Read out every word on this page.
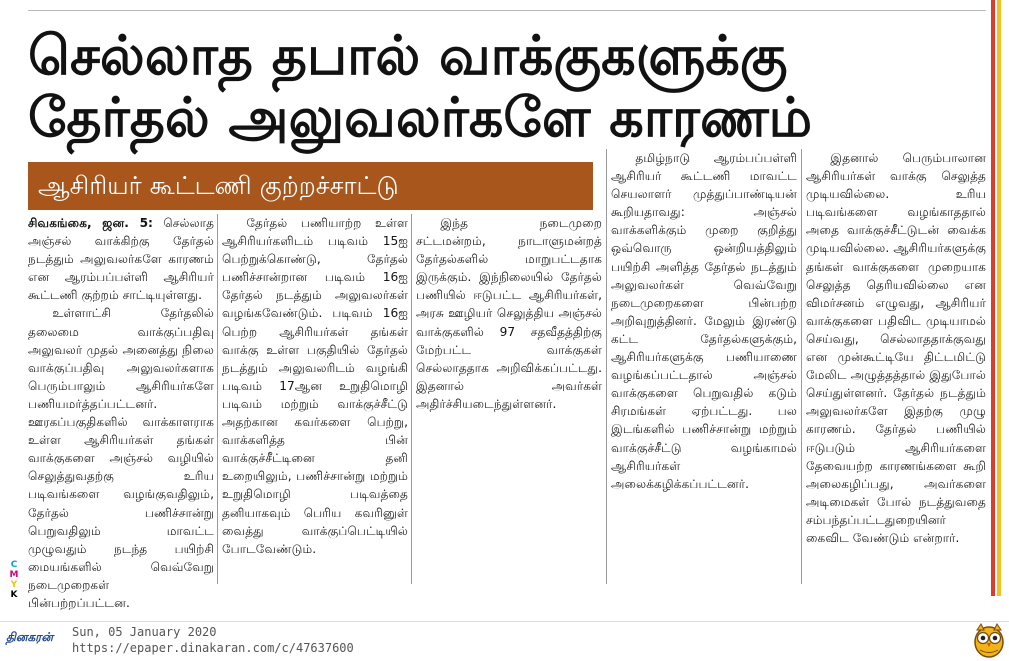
செல்லாத தபால் வாக்குகளுக்கு
தேர்தல் அலுவலர்களே காரணம்
ஆசிரியர் கூட்டணி குற்றச்சாட்டு

சிவகங்கை, ஜன. 5: செல்லாத அஞ்சல் வாக்கிற்கு தேர்தல் நடத்தும் அலுவலர்களே காரணம் என ஆரம்பப்பள்ளி ஆசிரியர் கூட்டணி குற்றம் சாட்டியுள்ளது.

உள்ளாட்சி தேர்தலில் தலைமை வாக்குப்பதிவு அலுவலர் முதல் அனைத்து நிலை வாக்குப்பதிவு அலுவலர்களாக பெரும்பாலும் ஆசிரியர்களே பணியமர்த்தப்பட்டனர். ஊரகப்பகுதிகளில் வாக்காளராக உள்ள ஆசிரியர்கள் தங்கள் வாக்குகளை அஞ்சல் வழியில் செலுத்துவதற்கு உரிய படிவங்களை வழங்குவதிலும், தேர்தல் பணிச்சான்று பெறுவதிலும் மாவட்ட முழுவதும் நடந்த பயிற்சி மையங்களில் வெவ்வேறு நடைமுறைகள் பின்பற்றப்பட்டன.

தேர்தல் பணியாற்ற உள்ள ஆசிரியர்களிடம் படிவம் 15ஐ பெற்றுக்கொண்டு, தேர்தல் பணிச்சான்றான படிவம் 16ஐ தேர்தல் நடத்தும் அலுவலர்கள் வழங்கவேண்டும். படிவம் 16ஐ பெற்ற ஆசிரியர்கள் தங்கள் வாக்கு உள்ள பகுதியில் தேர்தல் நடத்தும் அலுவலரிடம் வழங்கி படிவம் 17ஆன உறுதிமொழி படிவம் மற்றும் வாக்குச்சீட்டு அதற்கான கவர்களை பெற்று, வாக்களித்த பின் வாக்குச்சீட்டினை தனி உறையிலும், பணிச்சான்று மற்றும் உறுதிமொழி படிவத்தை தனியாகவும் பெரிய கவரினுள் வைத்து வாக்குப்பெட்டியில் போடவேண்டும்.

இந்த நடைமுறை சட்டமன்றம், நாடாளுமன்றத் தேர்தல்களில் மாறுபட்டதாக இருக்கும். இந்நிலையில் தேர்தல் பணியில் ஈடுபட்ட ஆசிரியர்கள், அரசு ஊழியர் செலுத்திய அஞ்சல் வாக்குகளில் 97 சதவீதத்திற்கு மேற்பட்ட வாக்குகள் செல்லாததாக அறிவிக்கப்பட்டது. இதனால் அவர்கள் அதிர்ச்சியடைந்துள்ளனர்.

தமிழ்நாடு ஆரம்பப்பள்ளி ஆசிரியர் கூட்டணி மாவட்ட செயலாளர் முத்துப்பாண்டியன் கூறியதாவது: அஞ்சல் வாக்களிக்கும் முறை குறித்து ஒவ்வொரு ஒன்றியத்திலும் பயிற்சி அளித்த தேர்தல் நடத்தும் அலுவலர்கள் வெவ்வேறு நடைமுறைகளை பின்பற்ற அறிவுறுத்தினர். மேலும் இரண்டு கட்ட தேர்தல்களுக்கும், ஆசிரியர்களுக்கு பணியாணை வழங்கப்பட்டதால் அஞ்சல் வாக்குகளை பெறுவதில் கடும் சிரமங்கள் ஏற்பட்டது. பல இடங்களில் பணிச்சான்று மற்றும் வாக்குச்சீட்டு வழங்காமல் ஆசிரியர்கள் அலைக்கழிக்கப்பட்டனர்.

இதனால் பெரும்பாலான ஆசிரியர்கள் வாக்கு செலுத்த முடியவில்லை. உரிய படிவங்களை வழங்காததால் அதை வாக்குச்சீட்டுடன் வைக்க முடியவில்லை. ஆசிரியர்களுக்கு தங்கள் வாக்குகளை முறையாக செலுத்த தெரியவில்லை என விமர்சனம் எழுவது, ஆசிரியர் வாக்குகளை பதிவிட முடியாமல் செய்வது, செல்லாததாக்குவது என முன்கூட்டியே திட்டமிட்டு மேலிட அழுத்தத்தால் இதுபோல் செய்துள்ளனர். தேர்தல் நடத்தும் அலுவலர்களே இதற்கு முழு காரணம். தேர்தல் பணியில் ஈடுபடும் ஆசிரியர்களை தேவையற்ற காரணங்களை கூறி அலைகழிப்பது, அவர்களை அடிமைகள் போல் நடத்துவதை சம்பந்தப்பட்டதுறையினர் கைவிட வேண்டும் என்றார்.

C
M
Y
K
தினகரன்	Sun, 05 January 2020
https://epaper.dinakaran.com/c/47637600
